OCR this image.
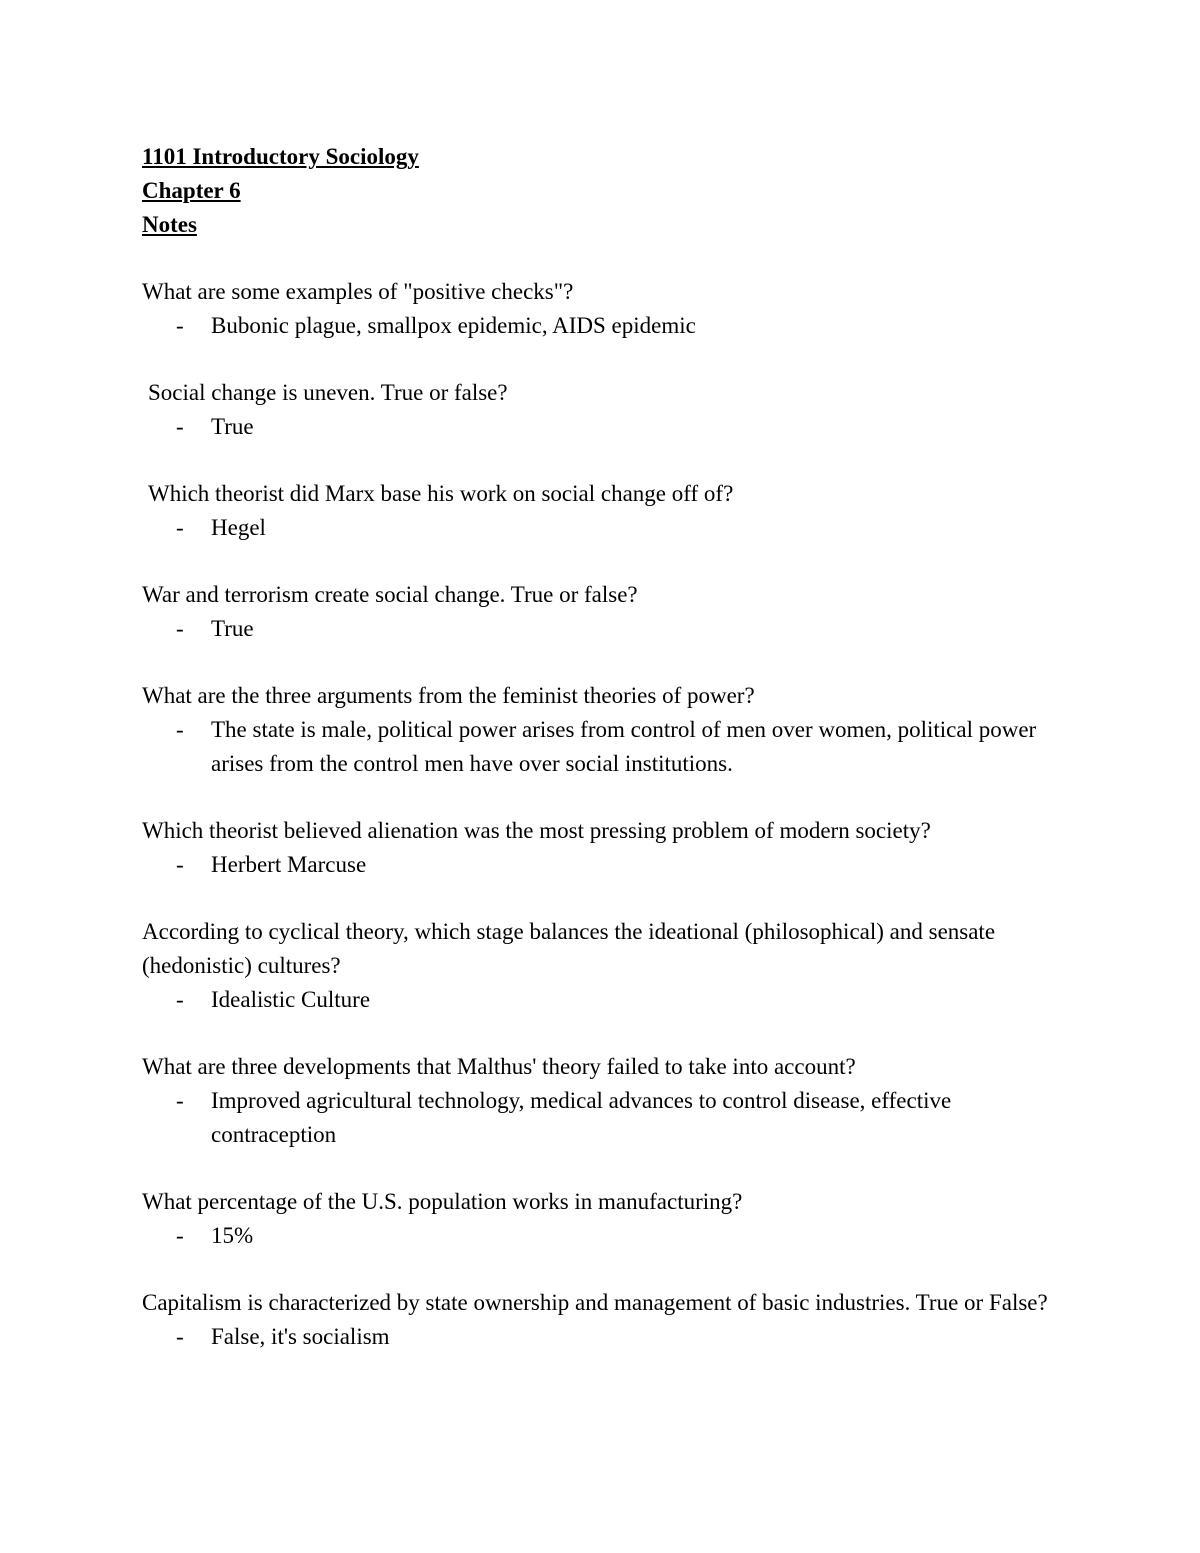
1101 Introductory Sociology
Chapter 6
Notes
What are some examples of "positive checks"?
- Bubonic plague, smallpox epidemic, AIDS epidemic
Social change is uneven. True or false?
- True
Which theorist did Marx base his work on social change off of?
- Hegel
War and terrorism create social change. True or false?
- True
What are the three arguments from the feminist theories of power?
- The state is male, political power arises from control of men over women, political power arises from the control men have over social institutions.
Which theorist believed alienation was the most pressing problem of modern society?
- Herbert Marcuse
According to cyclical theory, which stage balances the ideational (philosophical) and sensate (hedonistic) cultures?
- Idealistic Culture
What are three developments that Malthus' theory failed to take into account?
- Improved agricultural technology, medical advances to control disease, effective contraception
What percentage of the U.S. population works in manufacturing?
- 15%
Capitalism is characterized by state ownership and management of basic industries. True or False?
- False, it's socialism
